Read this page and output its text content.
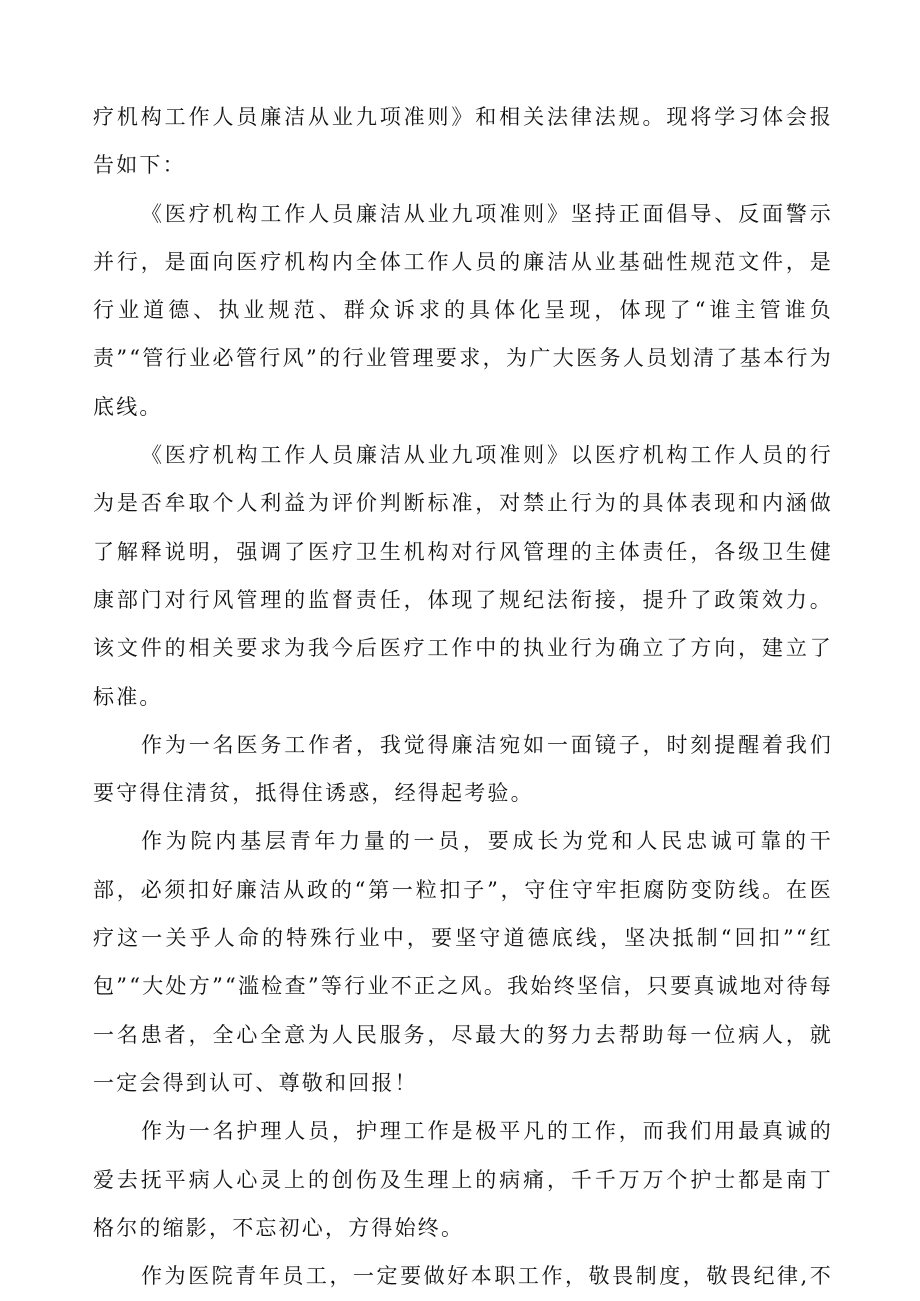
疗机构工作人员廉洁从业九项准则》和相关法律法规。现将学习体会报告如下：

《医疗机构工作人员廉洁从业九项准则》坚持正面倡导、反面警示并行，是面向医疗机构内全体工作人员的廉洁从业基础性规范文件，是行业道德、执业规范、群众诉求的具体化呈现，体现了“谁主管谁负责”“管行业必管行风”的行业管理要求，为广大医务人员划清了基本行为底线。

《医疗机构工作人员廉洁从业九项准则》以医疗机构工作人员的行为是否牟取个人利益为评价判断标准，对禁止行为的具体表现和内涵做了解释说明，强调了医疗卫生机构对行风管理的主体责任，各级卫生健康部门对行风管理的监督责任，体现了规纪法衔接，提升了政策效力。该文件的相关要求为我今后医疗工作中的执业行为确立了方向，建立了标准。

作为一名医务工作者，我觉得廉洁宛如一面镜子，时刻提醒着我们要守得住清贫，抵得住诱惑，经得起考验。

作为院内基层青年力量的一员，要成长为党和人民忠诚可靠的干部，必须扣好廉洁从政的“第一粒扣子”，守住守牢拒腐防变防线。在医疗这一关乎人命的特殊行业中，要坚守道德底线，坚决抵制“回扣”“红包”“大处方”“滥检查”等行业不正之风。我始终坚信，只要真诚地对待每一名患者，全心全意为人民服务，尽最大的努力去帮助每一位病人，就一定会得到认可、尊敬和回报！

作为一名护理人员，护理工作是极平凡的工作，而我们用最真诚的爱去抚平病人心灵上的创伤及生理上的病痛，千千万万个护士都是南丁格尔的缩影，不忘初心，方得始终。

作为医院青年员工，一定要做好本职工作，敬畏制度，敬畏纪律,不
